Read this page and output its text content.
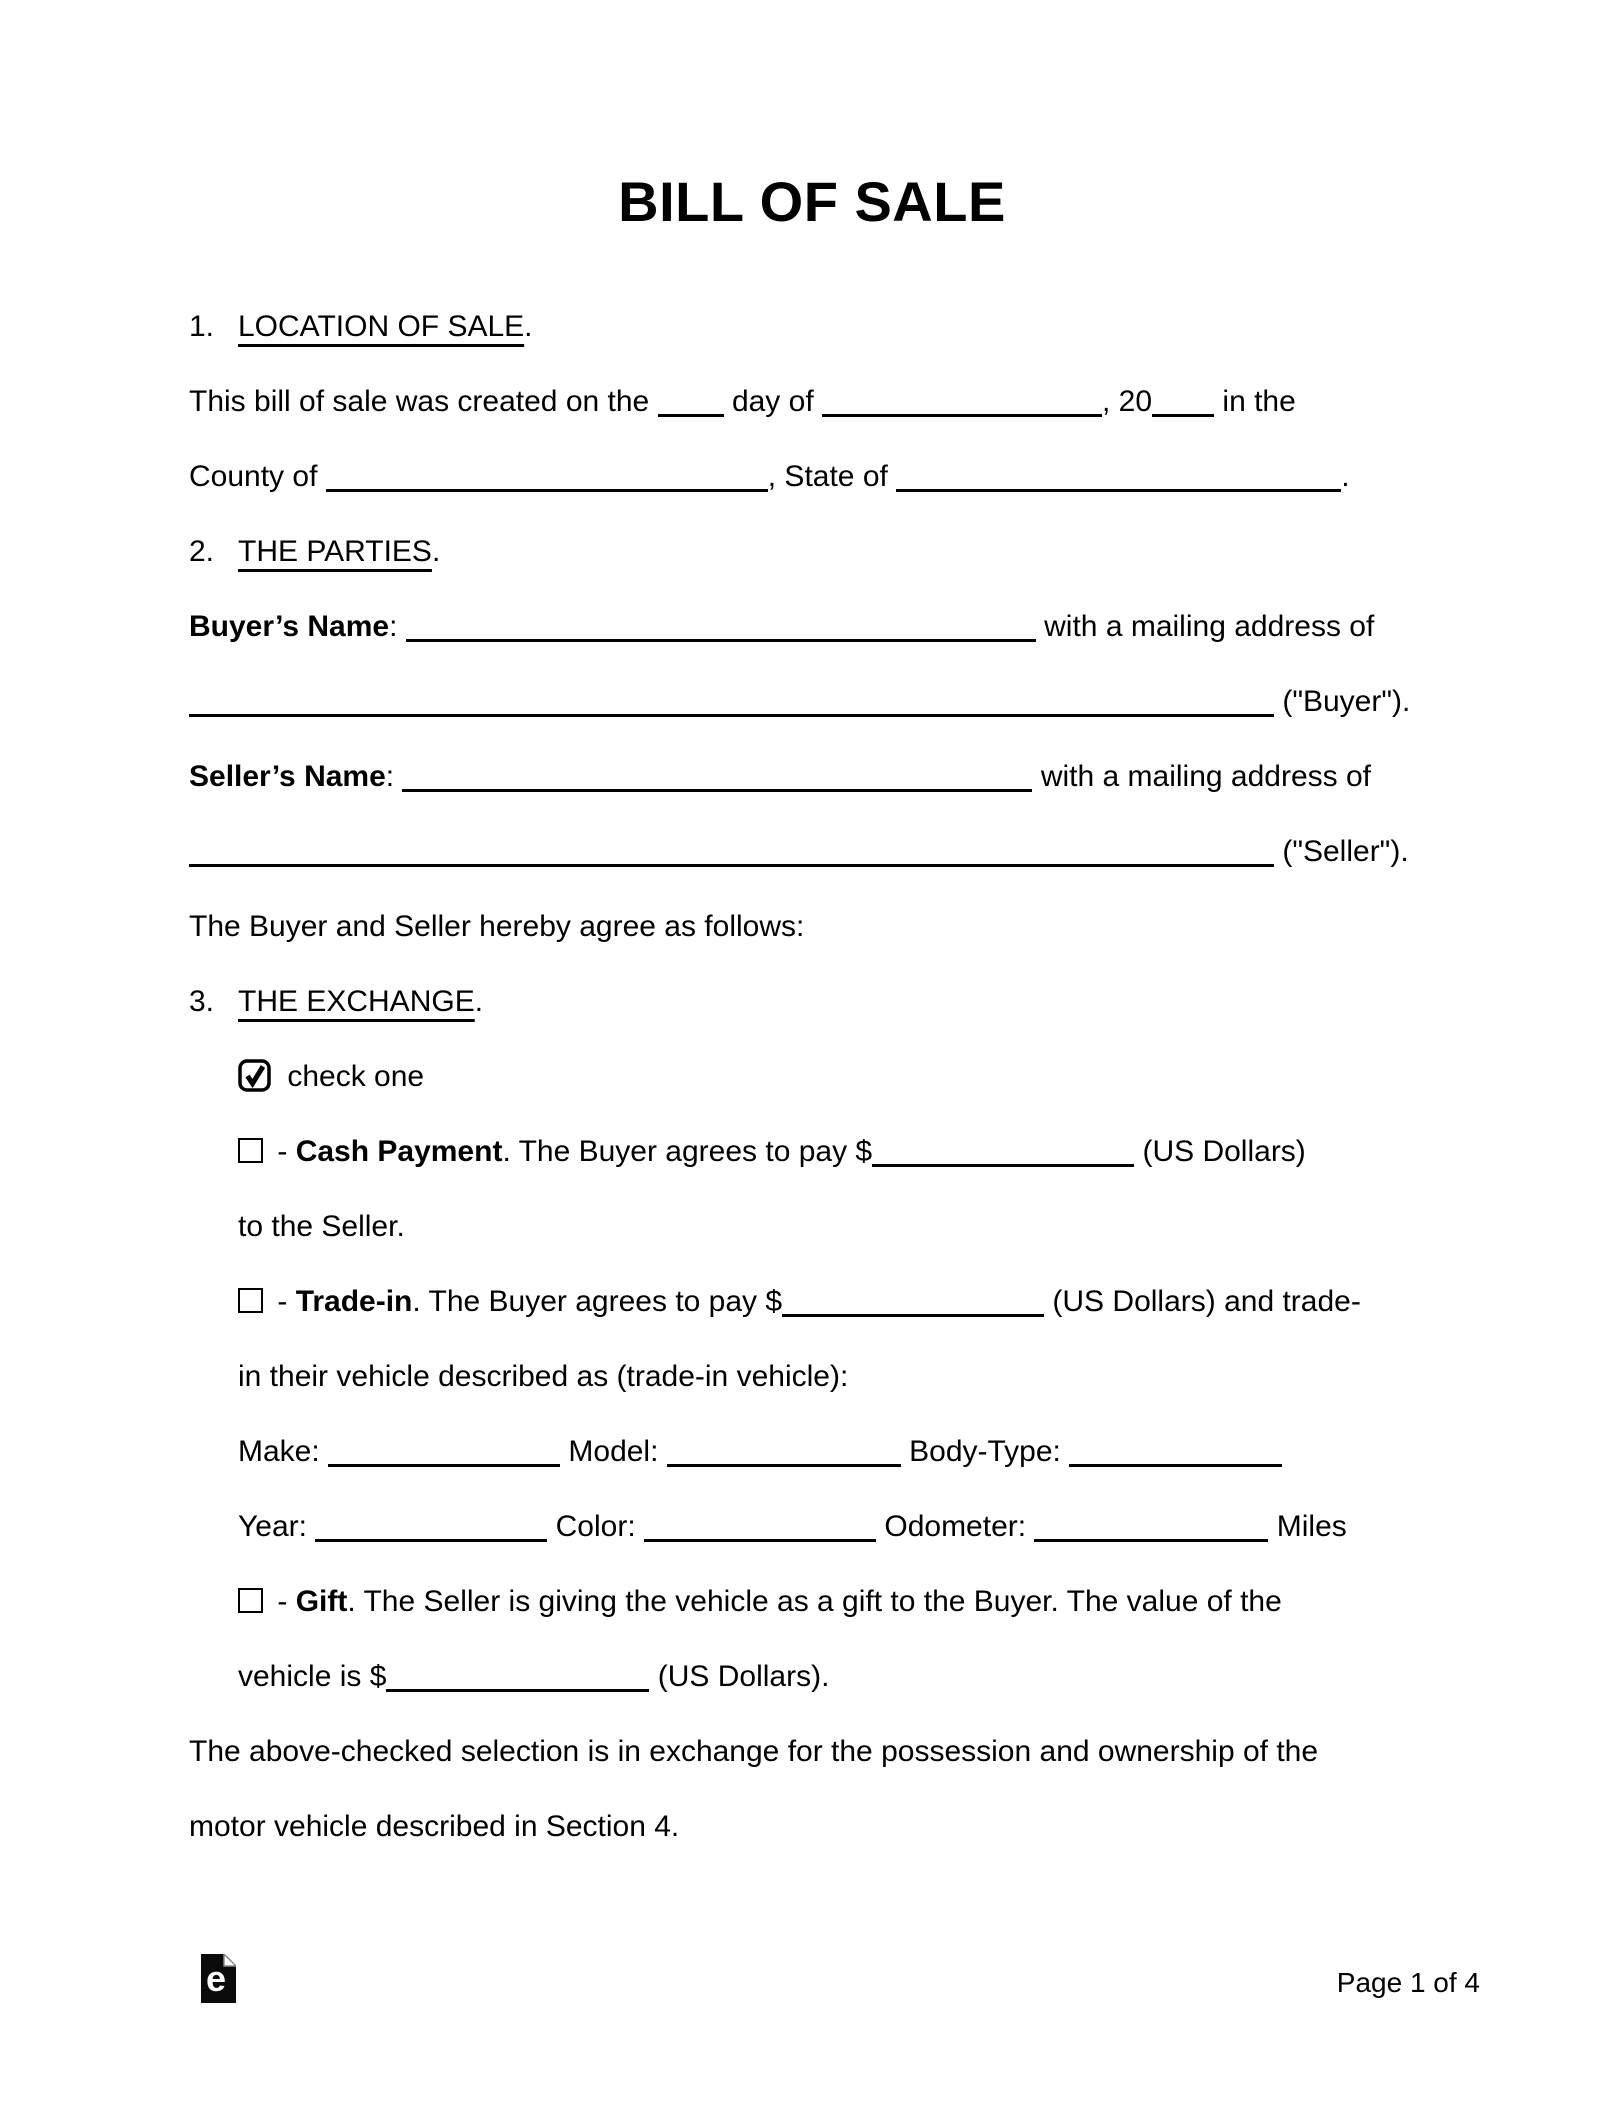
BILL OF SALE
1. LOCATION OF SALE.
This bill of sale was created on the	day of	, 20 in the
County of	, State of	.
2. THE PARTIES.
Buyer’s Name:	with a mailing address of
("Buyer").
Seller’s Name:	with a mailing address of
("Seller").
The Buyer and Seller hereby agree as follows:
3. THE EXCHANGE.
check one
- Cash Payment. The Buyer agrees to pay $	(US Dollars)
to the Seller.
- Trade-in. The Buyer agrees to pay $	(US Dollars) and trade-
in their vehicle described as (trade-in vehicle):
Make:	Model:	Body-Type:
Year:	Color:	Odometer:	Miles
- Gift. The Seller is giving the vehicle as a gift to the Buyer. The value of the
vehicle is $	(US Dollars).
The above-checked selection is in exchange for the possession and ownership of the
motor vehicle described in Section 4.
e	Page 1 of 4
